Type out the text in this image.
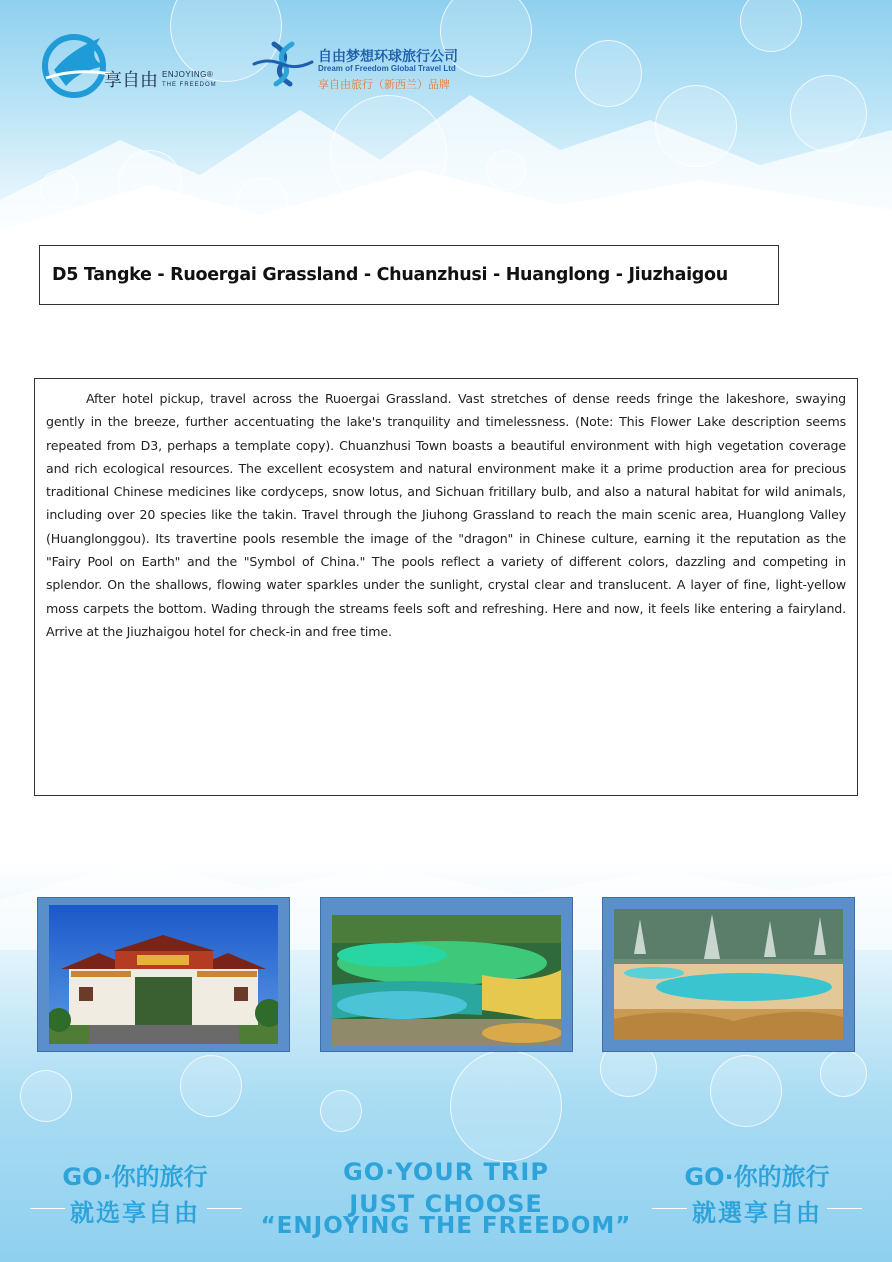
享自由 ENJOYING®
THE FREEDOM
自由梦想环球旅行公司
Dream of Freedom Global Travel Ltd
享自由旅行（新西兰）品牌
D5 Tangke - Ruoergai Grassland - Chuanzhusi - Huanglong - Jiuzhaigou
After hotel pickup, travel across the Ruoergai Grassland. Vast stretches of dense reeds fringe the lakeshore, swaying gently in the breeze, further accentuating the lake's tranquility and timelessness. (Note: This Flower Lake description seems repeated from D3, perhaps a template copy). Chuanzhusi Town boasts a beautiful environment with high vegetation coverage and rich ecological resources. The excellent ecosystem and natural environment make it a prime production area for precious traditional Chinese medicines like cordyceps, snow lotus, and Sichuan fritillary bulb, and also a natural habitat for wild animals, including over 20 species like the takin. Travel through the Jiuhong Grassland to reach the main scenic area, Huanglong Valley (Huanglonggou). Its travertine pools resemble the image of the "dragon" in Chinese culture, earning it the reputation as the "Fairy Pool on Earth" and the "Symbol of China." The pools reflect a variety of different colors, dazzling and competing in splendor. On the shallows, flowing water sparkles under the sunlight, crystal clear and translucent. A layer of fine, light-yellow moss carpets the bottom. Wading through the streams feels soft and refreshing. Here and now, it feels like entering a fairyland. Arrive at the Jiuzhaigou hotel for check-in and free time.
GO·你的旅行
就选享自由
GO·YOUR TRIP
JUST CHOOSE
“ENJOYING THE FREEDOM”
GO·你的旅行
就選享自由
